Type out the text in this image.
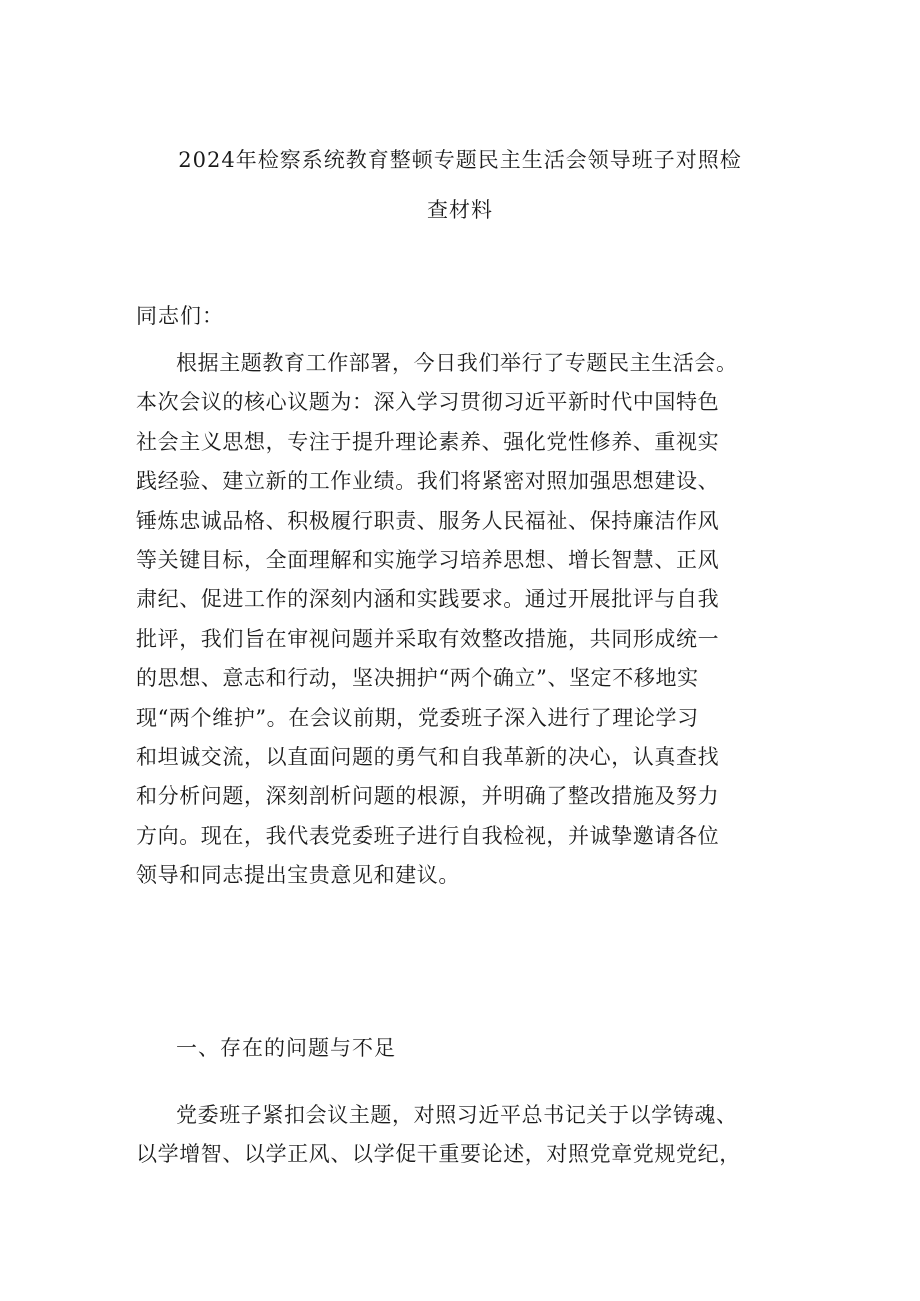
2024年检察系统教育整顿专题民主生活会领导班子对照检
查材料
同志们：
根据主题教育工作部署，今日我们举行了专题民主生活会。
本次会议的核心议题为：深入学习贯彻习近平新时代中国特色
社会主义思想，专注于提升理论素养、强化党性修养、重视实
践经验、建立新的工作业绩。我们将紧密对照加强思想建设、
锤炼忠诚品格、积极履行职责、服务人民福祉、保持廉洁作风
等关键目标，全面理解和实施学习培养思想、增长智慧、正风
肃纪、促进工作的深刻内涵和实践要求。通过开展批评与自我
批评，我们旨在审视问题并采取有效整改措施，共同形成统一
的思想、意志和行动，坚决拥护“两个确立”、坚定不移地实
现“两个维护”。在会议前期，党委班子深入进行了理论学习
和坦诚交流，以直面问题的勇气和自我革新的决心，认真查找
和分析问题，深刻剖析问题的根源，并明确了整改措施及努力
方向。现在，我代表党委班子进行自我检视，并诚挚邀请各位
领导和同志提出宝贵意见和建议。
一、存在的问题与不足
党委班子紧扣会议主题，对照习近平总书记关于以学铸魂、
以学增智、以学正风、以学促干重要论述，对照党章党规党纪，
